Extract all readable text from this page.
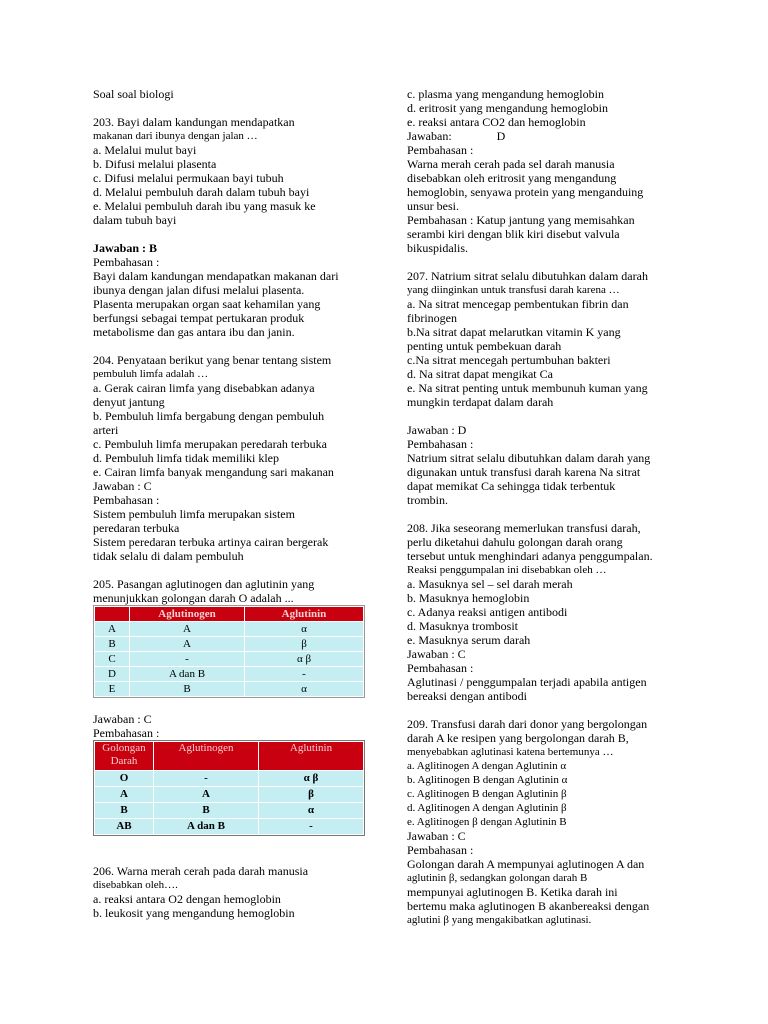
Soal soal biologi

203. Bayi dalam kandungan mendapatkan

makanan dari ibunya dengan jalan …

a. Melalui mulut bayi

b. Difusi melalui plasenta

c. Difusi melalui permukaan bayi tubuh

d. Melalui pembuluh darah dalam tubuh bayi

e. Melalui pembuluh darah ibu yang masuk ke

dalam tubuh bayi

Jawaban : B

Pembahasan :

Bayi dalam kandungan mendapatkan makanan dari

ibunya dengan jalan difusi melalui plasenta.

Plasenta merupakan organ saat kehamilan yang

berfungsi sebagai tempat pertukaran produk

metabolisme dan gas antara ibu dan janin.

204. Penyataan berikut yang benar tentang sistem

pembuluh limfa adalah …

a. Gerak cairan limfa yang disebabkan adanya

denyut jantung

b. Pembuluh limfa bergabung dengan pembuluh

arteri

c. Pembuluh limfa merupakan peredarah terbuka

d. Pembuluh limfa tidak memiliki klep

e. Cairan limfa banyak mengandung sari makanan

Jawaban : C

Pembahasan :

Sistem pembuluh limfa merupakan sistem

peredaran terbuka

Sistem peredaran terbuka artinya cairan bergerak

tidak selalu di dalam pembuluh

205. Pasangan aglutinogen dan aglutinin yang

menunjukkan golongan darah O adalah ...

	Aglutinogen	Aglutinin
A	A	α
B	A	β
C	-	α β
D	A dan B	-
E	B	α

Jawaban : C

Pembahasan :

Golongan
Darah	Aglutinogen	Aglutinin
O	-	α β
A	A	β
B	B	α
AB	A dan B	-

206. Warna merah cerah pada darah manusia

disebabkan oleh….

a. reaksi antara O2 dengan hemoglobin

b. leukosit yang mengandung hemoglobin

c. plasma yang mengandung hemoglobin

d. eritrosit yang mengandung hemoglobin

e. reaksi antara CO2 dan hemoglobin

Jawaban:	D

Pembahasan :

Warna merah cerah pada sel darah manusia

disebabkan oleh eritrosit yang mengandung

hemoglobin, senyawa protein yang menganduing

unsur besi.

Pembahasan : Katup jantung yang memisahkan

serambi kiri dengan blik kiri disebut valvula

bikuspidalis.

207. Natrium sitrat selalu dibutuhkan dalam darah

yang diinginkan untuk transfusi darah karena …

a. Na sitrat mencegap pembentukan fibrin dan

fibrinogen

b.Na sitrat dapat melarutkan vitamin K yang

penting untuk pembekuan darah

c.Na sitrat mencegah pertumbuhan bakteri

d. Na sitrat dapat mengikat Ca

e. Na sitrat penting untuk membunuh kuman yang

mungkin terdapat dalam darah

Jawaban : D

Pembahasan :

Natrium sitrat selalu dibutuhkan dalam darah yang

digunakan untuk transfusi darah karena Na sitrat

dapat memikat Ca sehingga tidak terbentuk

trombin.

208. Jika seseorang memerlukan transfusi darah,

perlu diketahui dahulu golongan darah orang

tersebut untuk menghindari adanya penggumpalan.

Reaksi penggumpalan ini disebabkan oleh …

a. Masuknya sel – sel darah merah

b. Masuknya hemoglobin

c. Adanya reaksi antigen antibodi

d. Masuknya trombosit

e. Masuknya serum darah

Jawaban : C

Pembahasan :

Aglutinasi / penggumpalan terjadi apabila antigen

bereaksi dengan antibodi

209. Transfusi darah dari donor yang bergolongan

darah A ke resipen yang bergolongan darah B,

menyebabkan aglutinasi katena bertemunya …

a. Aglitinogen A dengan Aglutinin α

b. Aglitinogen B dengan Aglutinin α

c. Aglitinogen B dengan Aglutinin β

d. Aglitinogen A dengan Aglutinin β

e. Aglitinogen β dengan Aglutinin B

Jawaban : C

Pembahasan :

Golongan darah A mempunyai aglutinogen A dan

aglutinin β, sedangkan golongan darah B

mempunyai aglutinogen B. Ketika darah ini

bertemu maka aglutinogen B akanbereaksi dengan

aglutini β yang mengakibatkan aglutinasi.
